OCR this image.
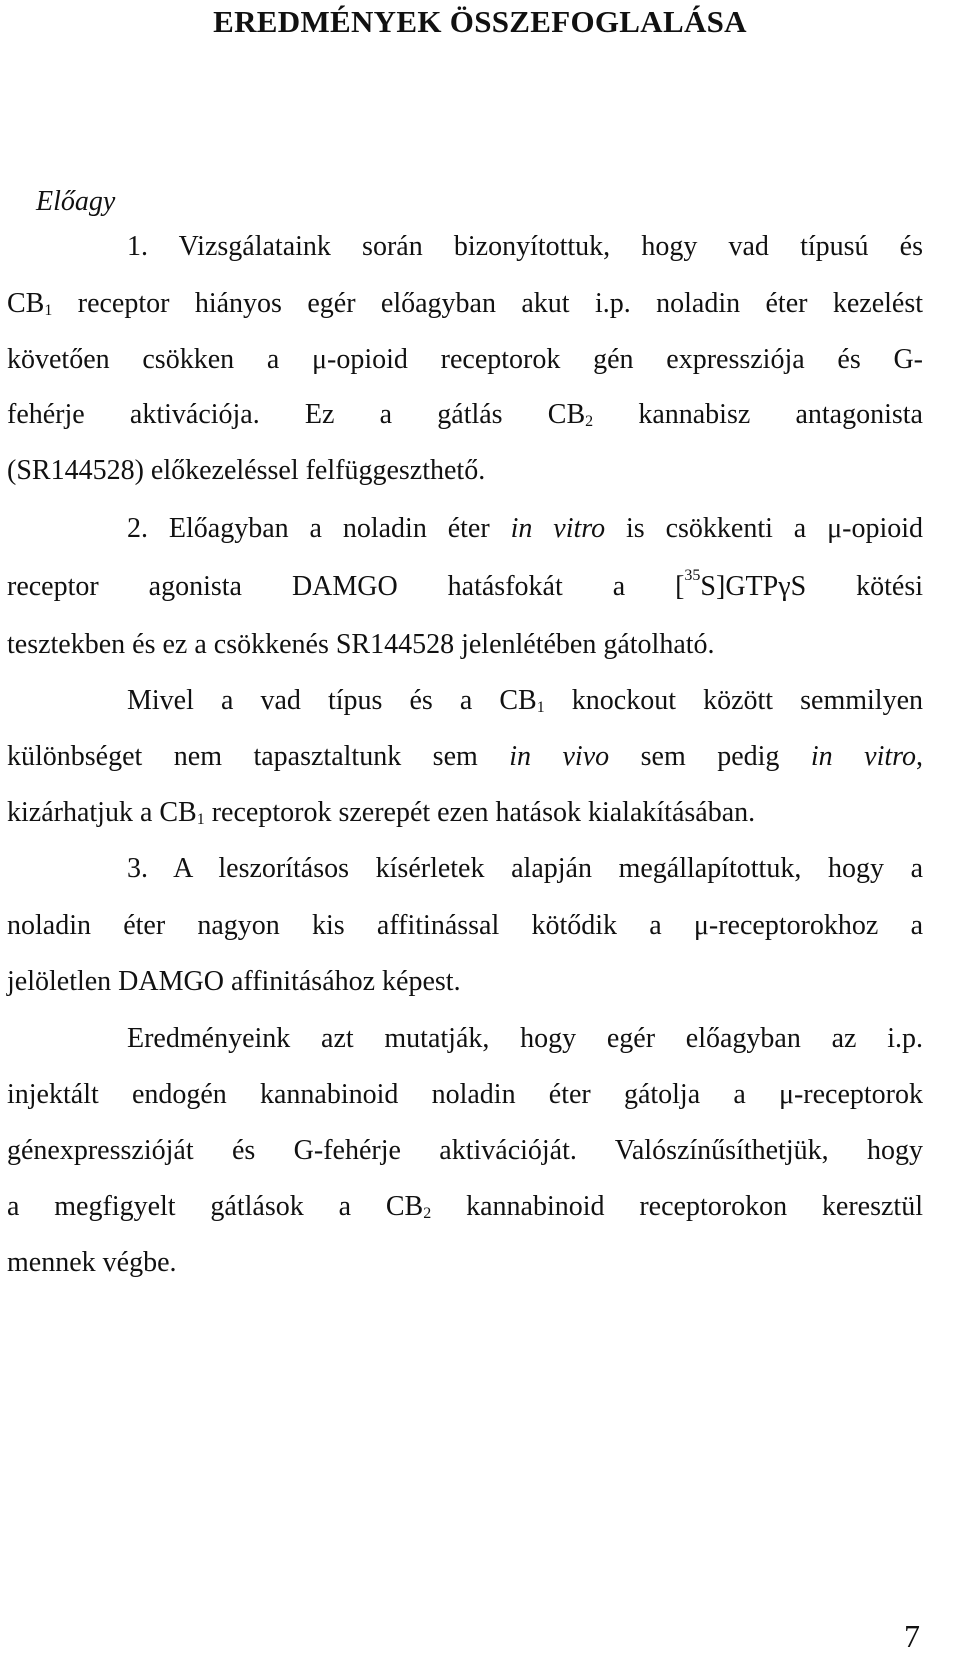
EREDMÉNYEK ÖSSZEFOGLALÁSA
Előagy
1. Vizsgálataink során bizonyítottuk, hogy vad típusú és
$CB_1$ receptor hiányos egér előagyban akut i.p. noladin éter kezelést
követően csökken a μ-opioid receptorok gén expressziója és G-
fehérje aktivációja. Ez a gátlás $CB_2$ kannabisz antagonista
(SR144528) előkezeléssel felfüggeszthető.
2. Előagyban a noladin éter in vitro is csökkenti a μ-opioid
receptor agonista DAMGO hatásfokát a [$^{35}$S]GTPγS kötési
tesztekben és ez a csökkenés SR144528 jelenlétében gátolható.
Mivel a vad típus és a $CB_1$ knockout között semmilyen
különbséget nem tapasztaltunk sem in vivo sem pedig in vitro,
kizárhatjuk a $CB_1$ receptorok szerepét ezen hatások kialakításában.
3. A leszorításos kísérletek alapján megállapítottuk, hogy a
noladin éter nagyon kis affitinással kötődik a μ-receptorokhoz a
jelöletlen DAMGO affinitásához képest.
Eredményeink azt mutatják, hogy egér előagyban az i.p.
injektált endogén kannabinoid noladin éter gátolja a μ-receptorok
génexpresszióját és G-fehérje aktivációját. Valószínűsíthetjük, hogy
a megfigyelt gátlások a $CB_2$ kannabinoid receptorokon keresztül
mennek végbe.
7
